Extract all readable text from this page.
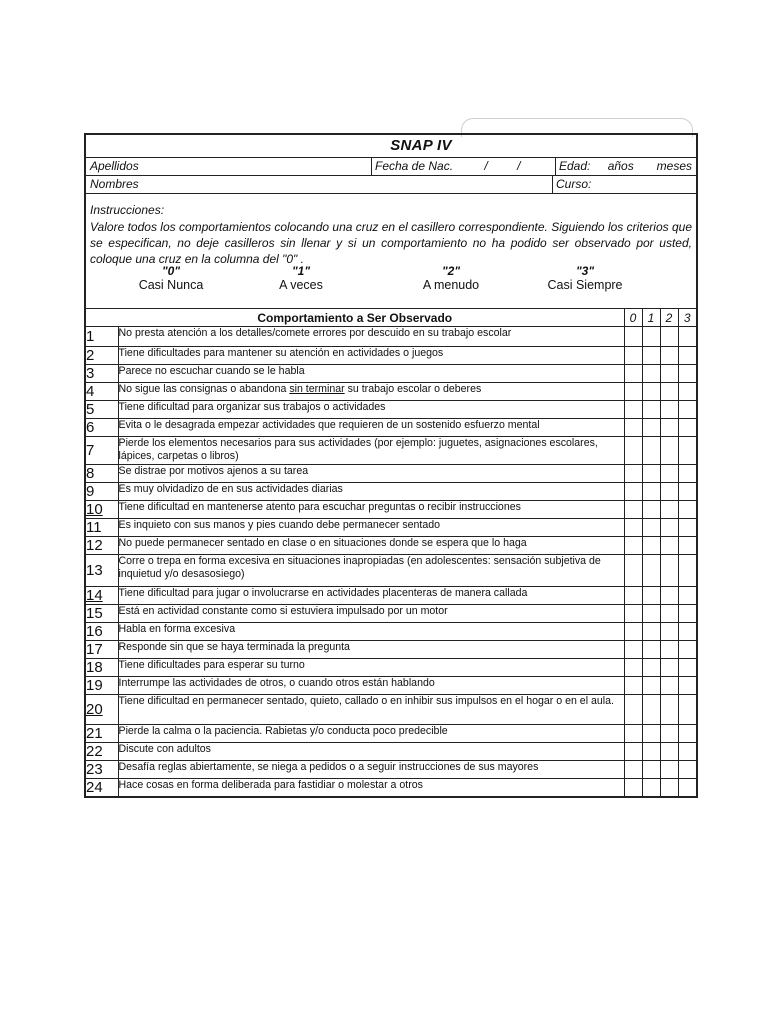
SNAP IV
Apellidos	Fecha de Nac.	/ /	Edad: años meses
Nombres	Curso:
Instrucciones:
Valore todos los comportamientos colocando una cruz en el casillero correspondiente. Siguiendo los criterios que se especifican, no deje casilleros sin llenar y si un comportamiento no ha podido ser observado por usted, coloque una cruz en la columna del "0" .
"0"
Casi Nunca
"1"
A veces
"2"
A menudo
"3"
Casi Siempre
Comportamiento a Ser Observado		0	1	2	3
1	No presta atención a los detalles/comete errores por descuido en su trabajo escolar				
2	Tiene dificultades para mantener su atención en actividades o juegos				
3	Parece no escuchar cuando se le habla				
4	No sigue las consignas o abandona sin terminar su trabajo escolar o deberes				
5	Tiene dificultad para organizar sus trabajos o actividades				
6	Evita o le desagrada empezar actividades que requieren de un sostenido esfuerzo mental				
7	Pierde los elementos necesarios para sus actividades (por ejemplo: juguetes, asignaciones escolares, lápices, carpetas o libros)				
8	Se distrae por motivos ajenos a su tarea				
9	Es muy olvidadizo de en sus actividades diarias				
10	Tiene dificultad en mantenerse atento para escuchar preguntas o recibir instrucciones				
11	Es inquieto con sus manos y pies cuando debe permanecer sentado				
12	No puede permanecer sentado en clase o en situaciones donde se espera que lo haga				
13	Corre o trepa en forma excesiva en situaciones inapropiadas (en adolescentes: sensación subjetiva de inquietud y/o desasosiego)				
14	Tiene dificultad para jugar o involucrarse en actividades placenteras de manera callada				
15	Está en actividad constante como si estuviera impulsado por un motor				
16	Habla en forma excesiva				
17	Responde sin que se haya terminada la pregunta				
18	Tiene dificultades para esperar su turno				
19	Interrumpe las actividades de otros, o cuando otros están hablando				
20	Tiene dificultad en permanecer sentado, quieto, callado o en inhibir sus impulsos en el hogar o en el aula.				
21	Pierde la calma o la paciencia. Rabietas y/o conducta poco predecible				
22	Discute con adultos				
23	Desafía reglas abiertamente, se niega a pedidos o a seguir instrucciones de sus mayores				
24	Hace cosas en forma deliberada para fastidiar o molestar a otros				
